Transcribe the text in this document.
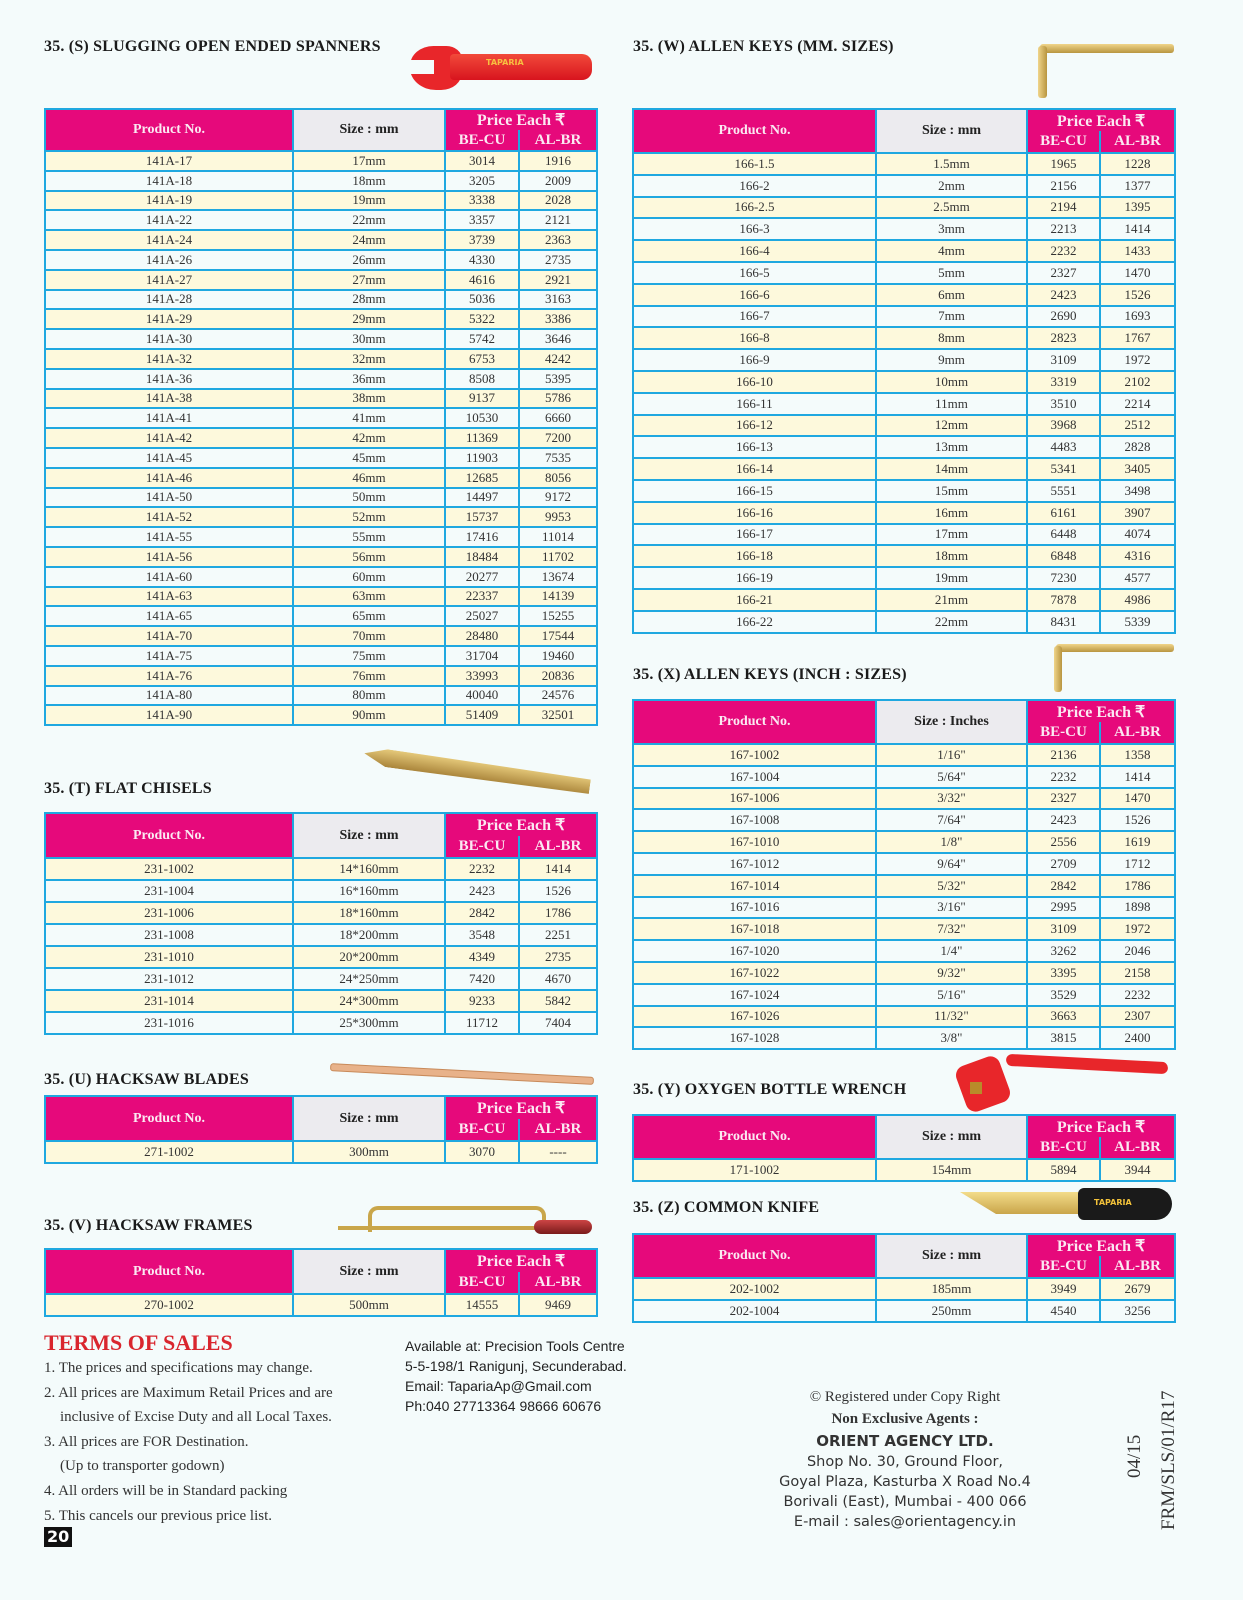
35. (S) SLUGGING OPEN ENDED SPANNERS
35. (T) FLAT CHISELS
35. (U) HACKSAW BLADES
35. (V) HACKSAW FRAMES
35. (W) ALLEN KEYS (MM. SIZES)
35. (X) ALLEN KEYS (INCH : SIZES)
35. (Y) OXYGEN BOTTLE WRENCH
35. (Z) COMMON KNIFE
TAPARIA
TAPARIA
Product No.	Size : mm	Price Each ₹	
		BE-CU	AL-BR
141A-17	17mm	3014	1916
141A-18	18mm	3205	2009
141A-19	19mm	3338	2028
141A-22	22mm	3357	2121
141A-24	24mm	3739	2363
141A-26	26mm	4330	2735
141A-27	27mm	4616	2921
141A-28	28mm	5036	3163
141A-29	29mm	5322	3386
141A-30	30mm	5742	3646
141A-32	32mm	6753	4242
141A-36	36mm	8508	5395
141A-38	38mm	9137	5786
141A-41	41mm	10530	6660
141A-42	42mm	11369	7200
141A-45	45mm	11903	7535
141A-46	46mm	12685	8056
141A-50	50mm	14497	9172
141A-52	52mm	15737	9953
141A-55	55mm	17416	11014
141A-56	56mm	18484	11702
141A-60	60mm	20277	13674
141A-63	63mm	22337	14139
141A-65	65mm	25027	15255
141A-70	70mm	28480	17544
141A-75	75mm	31704	19460
141A-76	76mm	33993	20836
141A-80	80mm	40040	24576
141A-90	90mm	51409	32501
Product No.	Size : mm	Price Each ₹	
		BE-CU	AL-BR
231-1002	14*160mm	2232	1414
231-1004	16*160mm	2423	1526
231-1006	18*160mm	2842	1786
231-1008	18*200mm	3548	2251
231-1010	20*200mm	4349	2735
231-1012	24*250mm	7420	4670
231-1014	24*300mm	9233	5842
231-1016	25*300mm	11712	7404
Product No.	Size : mm	Price Each ₹	
		BE-CU	AL-BR
271-1002	300mm	3070	----
Product No.	Size : mm	Price Each ₹	
		BE-CU	AL-BR
270-1002	500mm	14555	9469
Product No.	Size : mm	Price Each ₹	
		BE-CU	AL-BR
166-1.5	1.5mm	1965	1228
166-2	2mm	2156	1377
166-2.5	2.5mm	2194	1395
166-3	3mm	2213	1414
166-4	4mm	2232	1433
166-5	5mm	2327	1470
166-6	6mm	2423	1526
166-7	7mm	2690	1693
166-8	8mm	2823	1767
166-9	9mm	3109	1972
166-10	10mm	3319	2102
166-11	11mm	3510	2214
166-12	12mm	3968	2512
166-13	13mm	4483	2828
166-14	14mm	5341	3405
166-15	15mm	5551	3498
166-16	16mm	6161	3907
166-17	17mm	6448	4074
166-18	18mm	6848	4316
166-19	19mm	7230	4577
166-21	21mm	7878	4986
166-22	22mm	8431	5339
Product No.	Size : Inches	Price Each ₹	
		BE-CU	AL-BR
167-1002	1/16"	2136	1358
167-1004	5/64"	2232	1414
167-1006	3/32"	2327	1470
167-1008	7/64"	2423	1526
167-1010	1/8"	2556	1619
167-1012	9/64"	2709	1712
167-1014	5/32"	2842	1786
167-1016	3/16"	2995	1898
167-1018	7/32"	3109	1972
167-1020	1/4"	3262	2046
167-1022	9/32"	3395	2158
167-1024	5/16"	3529	2232
167-1026	11/32"	3663	2307
167-1028	3/8"	3815	2400
Product No.	Size : mm	Price Each ₹	
		BE-CU	AL-BR
171-1002	154mm	5894	3944
Product No.	Size : mm	Price Each ₹	
		BE-CU	AL-BR
202-1002	185mm	3949	2679
202-1004	250mm	4540	3256
TERMS OF SALES
1. The prices and specifications may change.
2. All prices are Maximum Retail Prices and are
inclusive of Excise Duty and all Local Taxes.
3. All prices are FOR Destination.
(Up to transporter godown)
4. All orders will be in Standard packing
5. This cancels our previous price list.
Available at: Precision Tools Centre
5-5-198/1 Ranigunj, Secunderabad.
Email: TapariaAp@Gmail.com
Ph:040 27713364 98666 60676
© Registered under Copy Right
Non Exclusive Agents :
ORIENT AGENCY LTD.
Shop No. 30, Ground Floor,
Goyal Plaza, Kasturba X Road No.4
Borivali (East), Mumbai - 400 066
E-mail : sales@orientagency.in
04/15 FRM/SLS/01/R17
20
